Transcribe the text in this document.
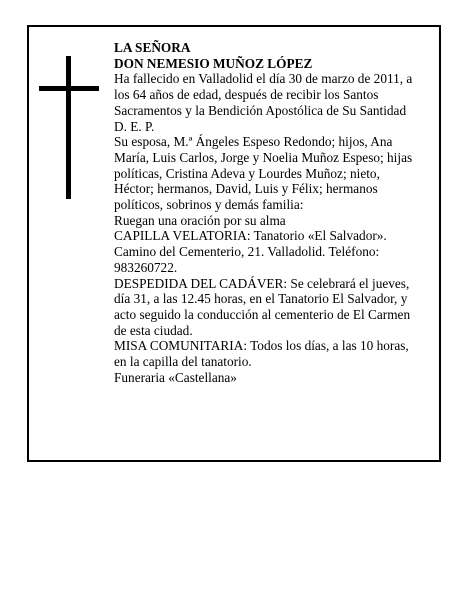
LA SEÑORA

DON NEMESIO MUÑOZ LÓPEZ

Ha fallecido en Valladolid el día 30 de marzo de 2011, a los 64 años de edad, después de recibir los Santos Sacramentos y la Bendición Apostólica de Su Santidad D. E. P.

Su esposa, M.ª Ángeles Espeso Redondo; hijos, Ana María, Luis Carlos, Jorge y Noelia Muñoz Espeso; hijas políticas, Cristina Adeva y Lourdes Muñoz; nieto, Héctor; hermanos, David, Luis y Félix; hermanos políticos, sobrinos y demás familia:

Ruegan una oración por su alma

CAPILLA VELATORIA: Tanatorio «El Salvador». Camino del Cementerio, 21. Valladolid. Teléfono: 983260722.

DESPEDIDA DEL CADÁVER: Se celebrará el jueves, día 31, a las 12.45 horas, en el Tanatorio El Salvador, y acto seguido la conducción al cementerio de El Carmen de esta ciudad.

MISA COMUNITARIA: Todos los días, a las 10 horas, en la capilla del tanatorio.

Funeraria «Castellana»
